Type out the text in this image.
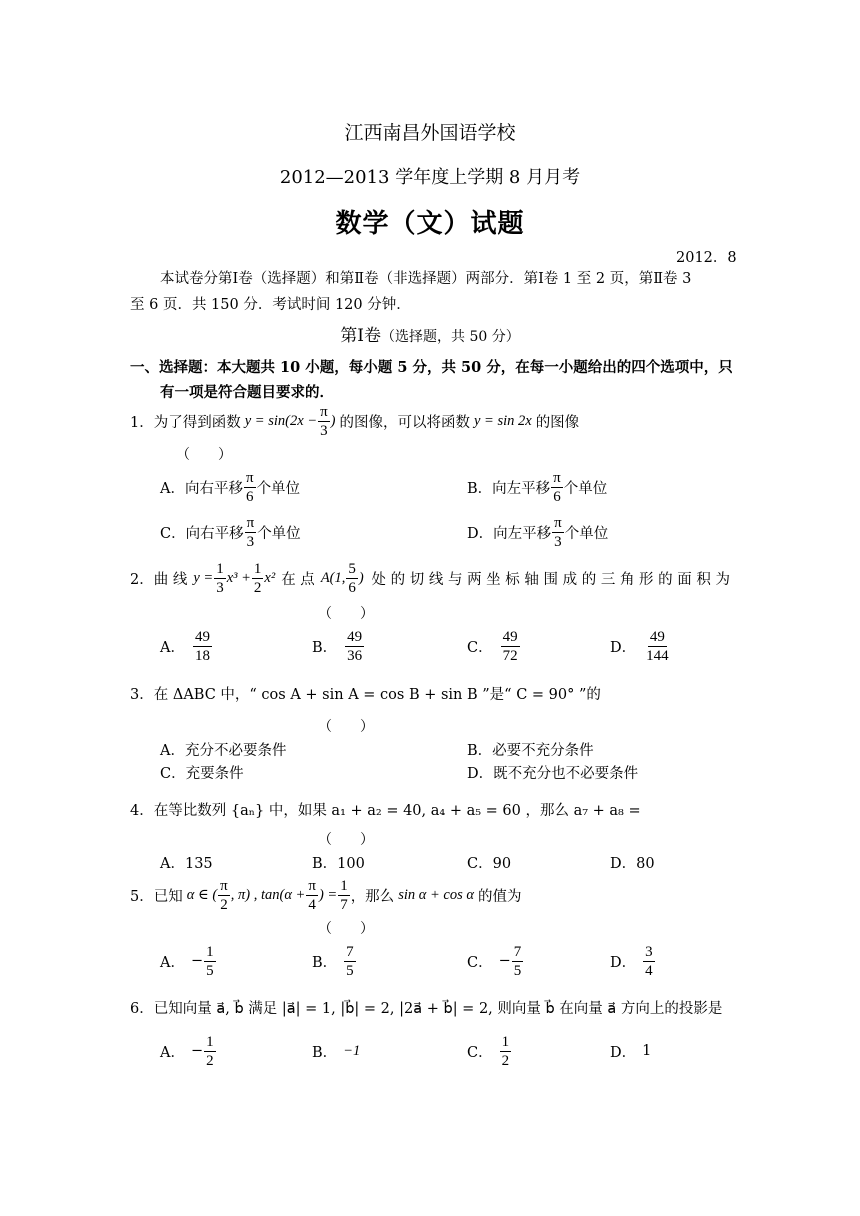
江西南昌外国语学校
2012—2013 学年度上学期 8 月月考
数学（文）试题
2012．8
本试卷分第Ⅰ卷（选择题）和第Ⅱ卷（非选择题）两部分．第Ⅰ卷 1 至 2 页，第Ⅱ卷 3
至 6 页．共 150 分．考试时间 120 分钟．
第Ⅰ卷（选择题，共 50 分）
一、选择题：本大题共 10 小题，每小题 5 分，共 50 分，在每一小题给出的四个选项中，只
有一项是符合题目要求的．
1． 为了得到函数 $y = \sin(2x - \frac{\pi}{3}$ ) 的图像，可以将函数 y = sin 2x 的图像
（　　）
A． 向右平移 $\frac{\pi}{6}$ 个单位	B． 向左平移 $\frac{\pi}{6}$ 个单位
C． 向右平移 $\frac{\pi}{3}$ 个单位	D． 向左平移 $\frac{\pi}{3}$ 个单位
2． 曲 线 $y = \frac{1}{3} x^3 + \frac{1}{2} x^2$ 在 点 A(1, $\frac{5}{6}$ ) 处 的 切 线 与 两 坐 标 轴 围 成 的 三 角 形 的 面 积 为
（　　）
A． $\frac{49}{18}$	B． $\frac{49}{36}$	C． $\frac{49}{72}$	D． $\frac{49}{144}$
3．在 ΔABC 中，“ cos A + sin A = cos B + sin B ”是“ C = 90° ”的
（　　）
A．充分不必要条件	B．必要不充分条件
C．充要条件	D．既不充分也不必要条件
4．在等比数列 {aₙ} 中，如果 a₁ + a₂ = 40, a₄ + a₅ = 60 ，那么 a₇ + a₈ =
（　　）
A．135	B．100	C．90	D．80
5． 已知 α ∈ ( $\frac{\pi}{2}$ , π) , $\tan(\alpha + \frac{\pi}{4}$ ) = $\frac{1}{7}$ ，那么 sin α + cos α 的值为
（　　）
A． − $\frac{1}{5}$	B． $\frac{7}{5}$	C． − $\frac{7}{5}$	D． $\frac{3}{4}$
6．已知向量 a⃗, b⃗ 满足 |a⃗| = 1, |b⃗| = 2, |2a⃗ + b⃗| = 2, 则向量 b⃗ 在向量 a⃗ 方向上的投影是
A． − $\frac{1}{2}$	B． −1	C． $\frac{1}{2}$	D． 1
